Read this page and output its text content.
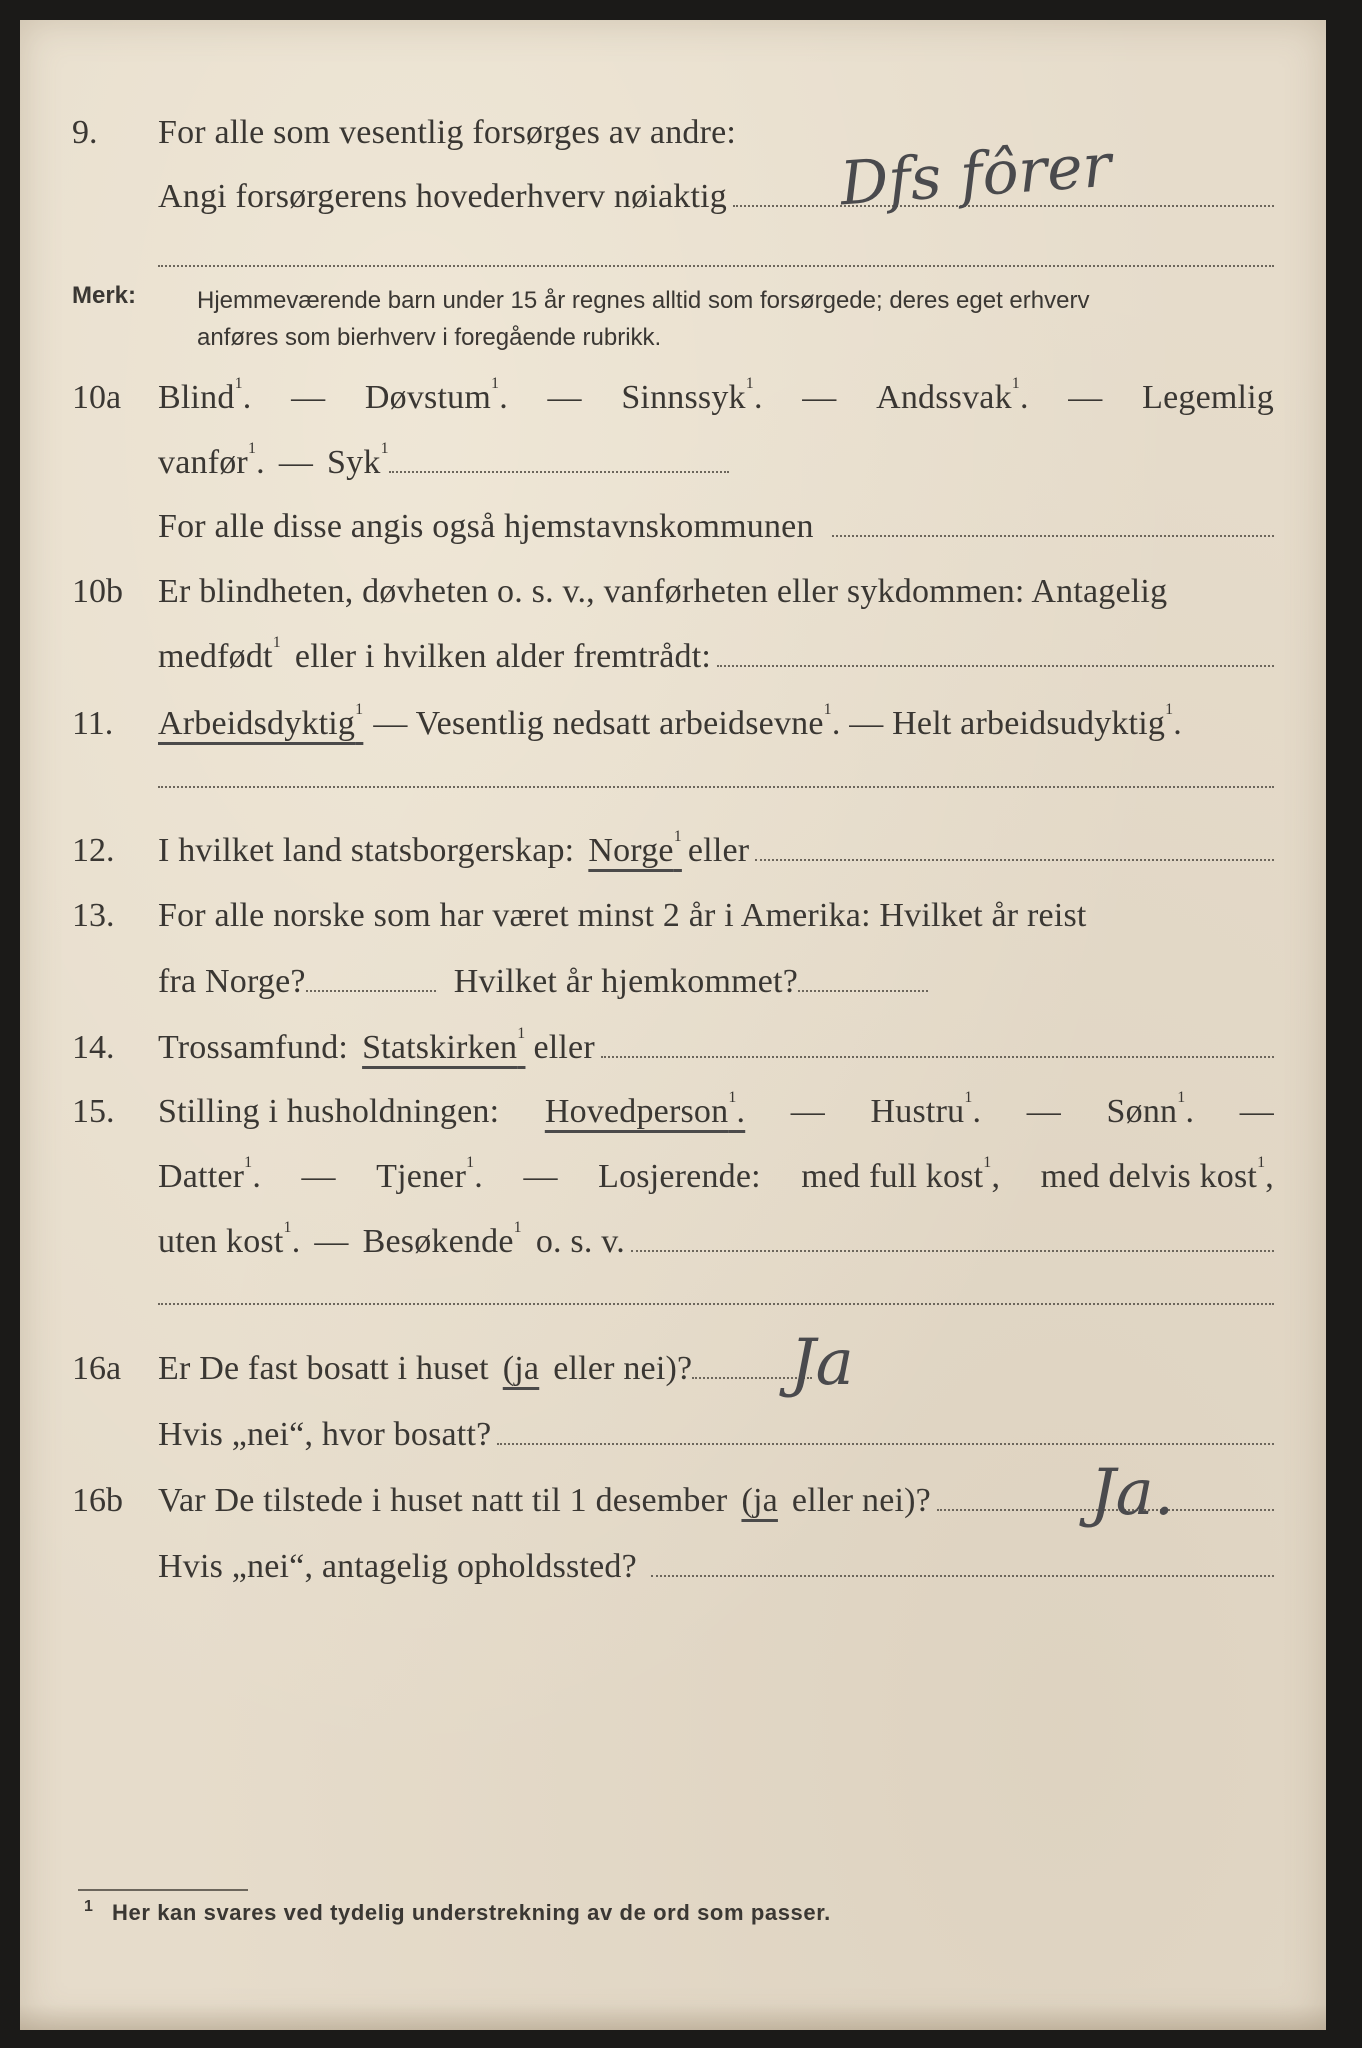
9.	For alle som vesentlig forsørges av andre:
Angi forsørgerens hovederhverv nøiaktig Dfs fôrer
Merk:	Hjemmeværende barn under 15 år regnes alltid som forsørgede; deres eget erhverv
anføres som bierhverv i foregående rubrikk.
10a	Blind$^1$. — Døvstum$^1$. — Sinnssyk$^1$. — Andssvak$^1$. — Legemlig
vanfør$^1$. — Syk$^1$
For alle disse angis også hjemstavnskommunen
10b	Er blindheten, døvheten o. s. v., vanførheten eller sykdommen: Antagelig
medfødt$^1$ eller i hvilken alder fremtrådt:
11.	Arbeidsdyktig$^1$ — Vesentlig nedsatt arbeidsevne$^1$ . — Helt arbeidsudyktig$^1$.
12.	I hvilket land statsborgerskap: Norge$^1$ eller
13.	For alle norske som har været minst 2 år i Amerika: Hvilket år reist
fra Norge?	Hvilket år hjemkommet?
14.	Trossamfund: Statskirken$^1$ eller
15.	Stilling i husholdningen: Hovedperson$^1$. — Hustru$^1$. — Sønn$^1$. —
Datter$^1$. — Tjener$^1$. — Losjerende: med full kost$^1$, med delvis kost$^1$,
uten kost$^1$. — Besøkende$^1$ o. s. v.
16a	Er De fast bosatt i huset (ja eller nei)? Ja
Hvis „nei“, hvor bosatt?
16b	Var De tilstede i huset natt til 1 desember (ja eller nei)? Ja.
Hvis „nei“, antagelig opholdssted?
1 Her kan svares ved tydelig understrekning av de ord som passer.
